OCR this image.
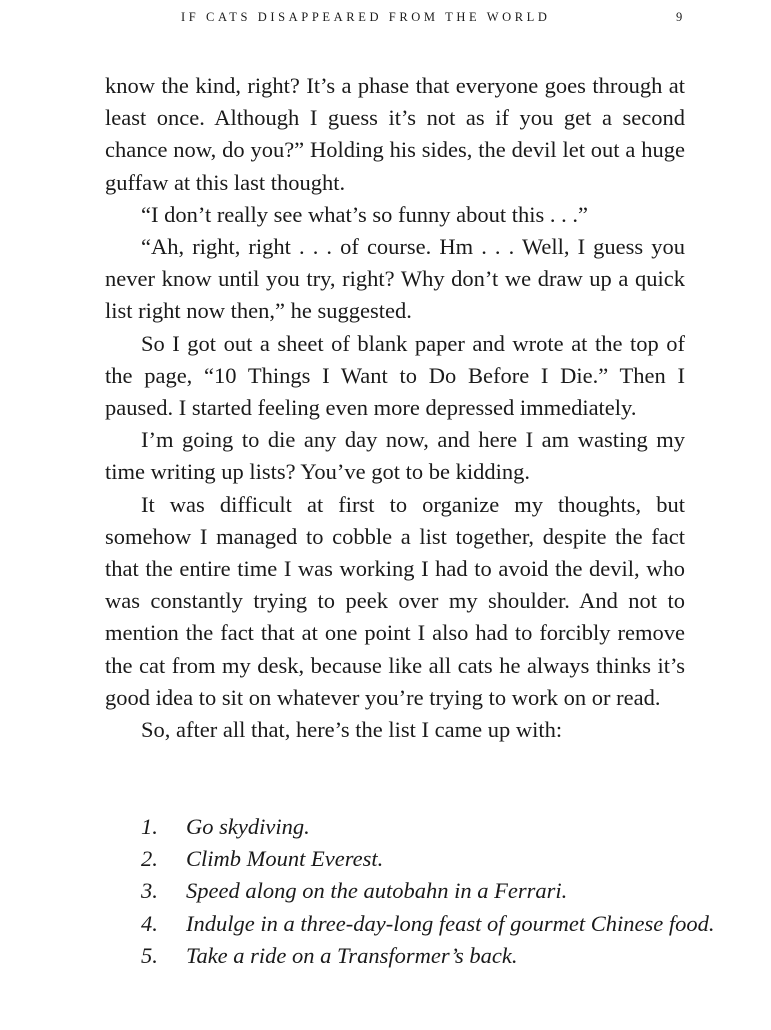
IF CATS DISAPPEARED FROM THE WORLD	9

know the kind, right? It’s a phase that everyone goes through at least once. Although I guess it’s not as if you get a second chance now, do you?” Holding his sides, the devil let out a huge guffaw at this last thought.

“I don’t really see what’s so funny about this . . .”

“Ah, right, right . . . of course. Hm . . . Well, I guess you never know until you try, right? Why don’t we draw up a quick list right now then,” he suggested.

So I got out a sheet of blank paper and wrote at the top of the page, “10 Things I Want to Do Before I Die.” Then I paused. I started feeling even more depressed immediately.

I’m going to die any day now, and here I am wasting my time writing up lists? You’ve got to be kidding.

It was difficult at first to organize my thoughts, but somehow I managed to cobble a list together, despite the fact that the entire time I was working I had to avoid the devil, who was constantly trying to peek over my shoulder. And not to mention the fact that at one point I also had to forcibly remove the cat from my desk, because like all cats he always thinks it’s good idea to sit on whatever you’re trying to work on or read.

So, after all that, here’s the list I came up with:

1. Go skydiving.
2. Climb Mount Everest.
3. Speed along on the autobahn in a Ferrari.
4. Indulge in a three-day-long feast of gourmet Chinese food.
5. Take a ride on a Transformer’s back.
